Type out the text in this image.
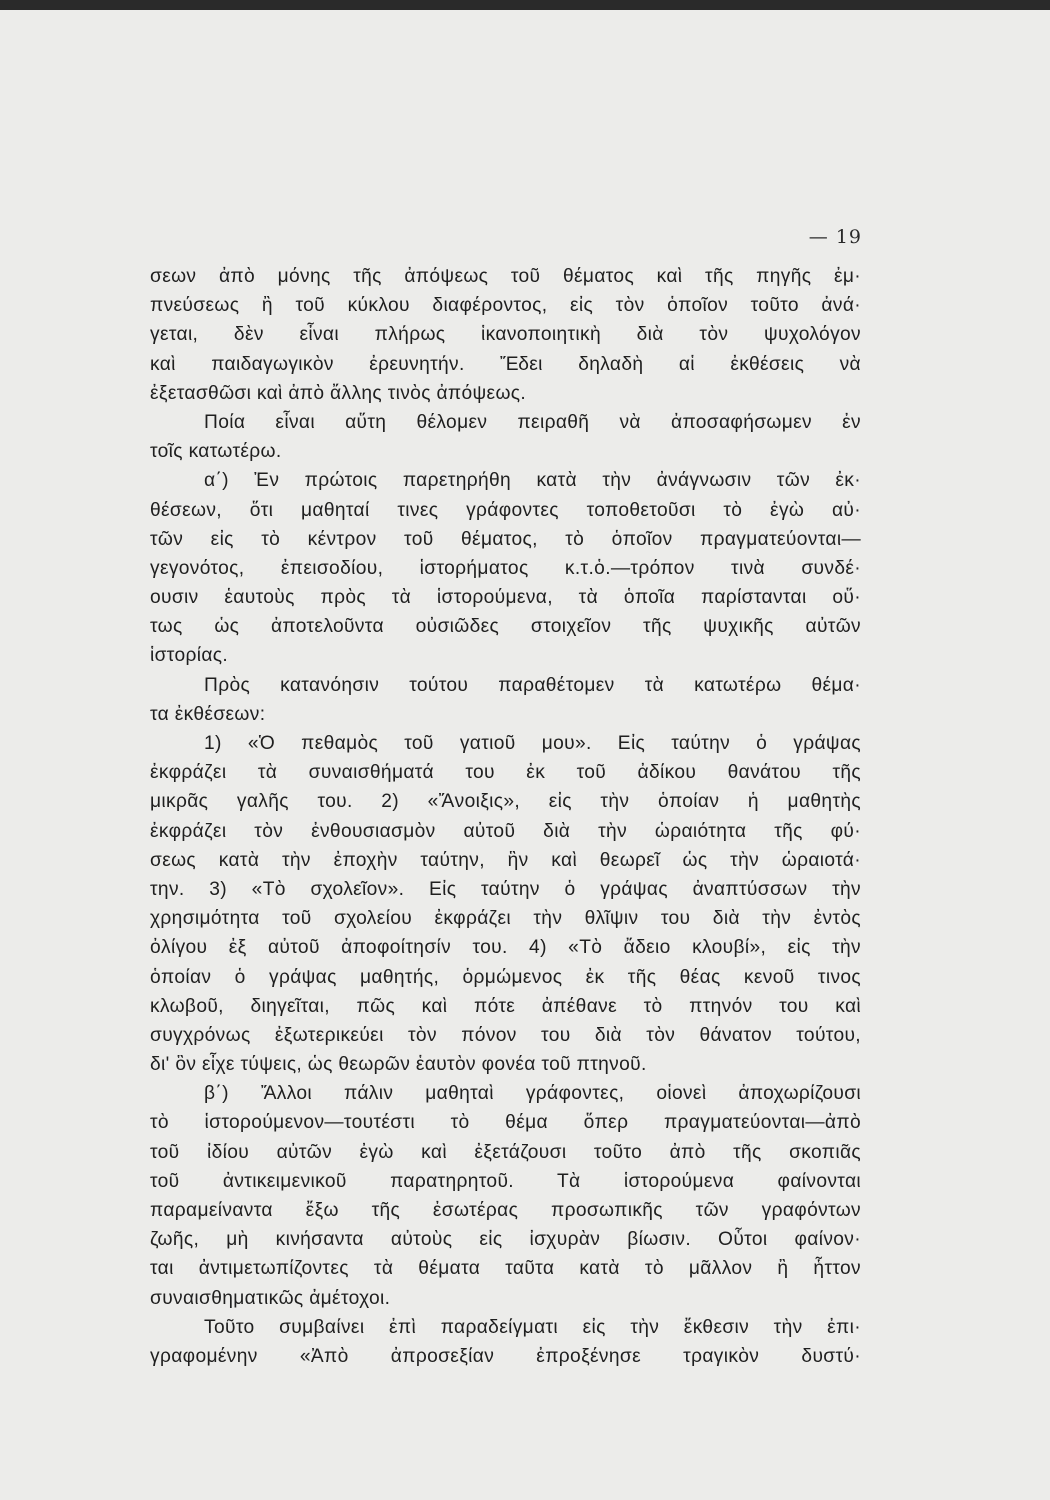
— 19
σεων ἀπὸ μόνης τῆς ἀπόψεως τοῦ θέματος καὶ τῆς πηγῆς ἐμ·
πνεύσεως ἢ τοῦ κύκλου διαφέροντος, εἰς τὸν ὁποῖον τοῦτο ἀνά·
γεται, δὲν εἶναι πλήρως ἱκανοποιητικὴ διὰ τὸν ψυχολόγον
καὶ παιδαγωγικὸν ἐρευνητήν. Ἔδει δηλαδὴ αἱ ἐκθέσεις νὰ
ἐξετασθῶσι καὶ ἀπὸ ἄλλης τινὸς ἀπόψεως.
Ποία εἶναι αὕτη θέλομεν πειραθῆ νὰ ἀποσαφήσωμεν ἐν
τοῖς κατωτέρω.
α΄) Ἐν πρώτοις παρετηρήθη κατὰ τὴν ἀνάγνωσιν τῶν ἐκ·
θέσεων, ὅτι μαθηταί τινες γράφοντες τοποθετοῦσι τὸ ἐγὼ αὐ·
τῶν εἰς τὸ κέντρον τοῦ θέματος, τὸ ὁποῖον πραγματεύονται—
γεγονότος, ἐπεισοδίου, ἱστορήματος κ.τ.ὁ.—τρόπον τινὰ συνδέ·
ουσιν ἑαυτοὺς πρὸς τὰ ἱστορούμενα, τὰ ὁποῖα παρίστανται οὕ·
τως ὡς ἀποτελοῦντα οὐσιῶδες στοιχεῖον τῆς ψυχικῆς αὐτῶν
ἱστορίας.
Πρὸς κατανόησιν τούτου παραθέτομεν τὰ κατωτέρω θέμα·
τα ἐκθέσεων:
1) «Ὁ πεθαμὸς τοῦ γατιοῦ μου». Εἰς ταύτην ὁ γράψας
ἐκφράζει τὰ συναισθήματά του ἐκ τοῦ ἀδίκου θανάτου τῆς
μικρᾶς γαλῆς του. 2) «Ἄνοιξις», εἰς τὴν ὁποίαν ἡ μαθητὴς
ἐκφράζει τὸν ἐνθουσιασμὸν αὐτοῦ διὰ τὴν ὡραιότητα τῆς φύ·
σεως κατὰ τὴν ἐποχὴν ταύτην, ἣν καὶ θεωρεῖ ὡς τὴν ὡραιοτά·
την. 3) «Τὸ σχολεῖον». Εἰς ταύτην ὁ γράψας ἀναπτύσσων τὴν
χρησιμότητα τοῦ σχολείου ἐκφράζει τὴν θλῖψιν του διὰ τὴν ἐντὸς
ὀλίγου ἐξ αὐτοῦ ἀποφοίτησίν του. 4) «Τὸ ἄδειο κλουβί», εἰς τὴν
ὁποίαν ὁ γράψας μαθητής, ὁρμώμενος ἐκ τῆς θέας κενοῦ τινος
κλωβοῦ, διηγεῖται, πῶς καὶ πότε ἀπέθανε τὸ πτηνόν του καὶ
συγχρόνως ἐξωτερικεύει τὸν πόνον του διὰ τὸν θάνατον τούτου,
δι' ὃν εἶχε τύψεις, ὡς θεωρῶν ἑαυτὸν φονέα τοῦ πτηνοῦ.
β΄) Ἄλλοι πάλιν μαθηταὶ γράφοντες, οἱονεὶ ἀποχωρίζουσι
τὸ ἱστορούμενον—τουτέστι τὸ θέμα ὅπερ πραγματεύονται—ἀπὸ
τοῦ ἰδίου αὐτῶν ἐγὼ καὶ ἐξετάζουσι τοῦτο ἀπὸ τῆς σκοπιᾶς
τοῦ ἀντικειμενικοῦ παρατηρητοῦ. Τὰ ἱστορούμενα φαίνονται
παραμείναντα ἔξω τῆς ἐσωτέρας προσωπικῆς τῶν γραφόντων
ζωῆς, μὴ κινήσαντα αὐτοὺς εἰς ἰσχυρὰν βίωσιν. Οὗτοι φαίνον·
ται ἀντιμετωπίζοντες τὰ θέματα ταῦτα κατὰ τὸ μᾶλλον ἢ ἧττον
συναισθηματικῶς ἀμέτοχοι.
Τοῦτο συμβαίνει ἐπὶ παραδείγματι εἰς τὴν ἔκθεσιν τὴν ἐπι·
γραφομένην «Ἀπὸ ἀπροσεξίαν ἐπροξένησε τραγικὸν δυστύ·
